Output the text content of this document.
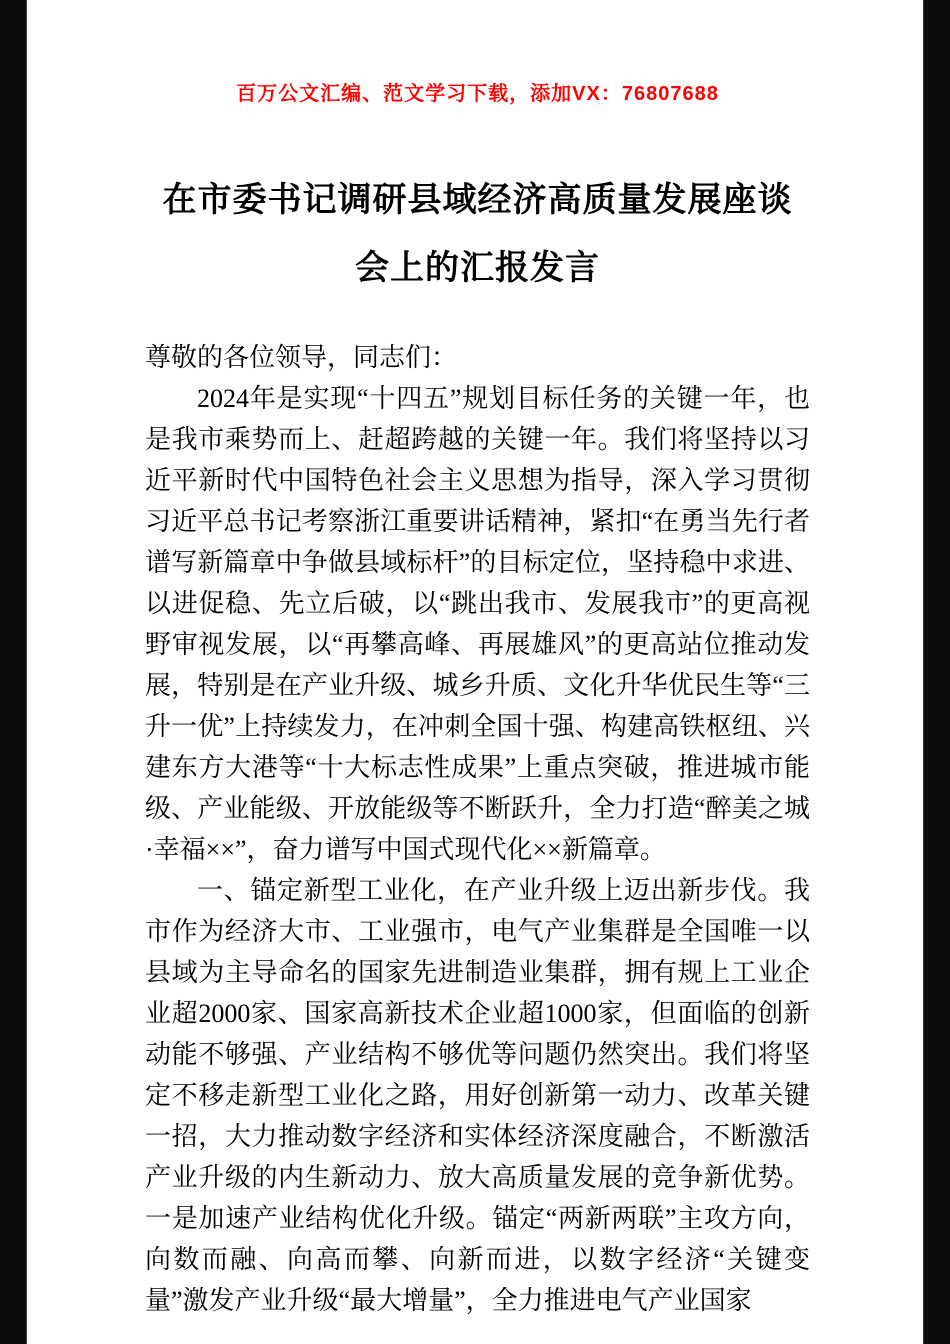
百万公文汇编、范文学习下载，添加VX：76807688
在市委书记调研县域经济高质量发展座谈
会上的汇报发言

尊敬的各位领导，同志们：

2024年是实现“十四五”规划目标任务的关键一年，也是我市乘势而上、赶超跨越的关键一年。我们将坚持以习近平新时代中国特色社会主义思想为指导，深入学习贯彻习近平总书记考察浙江重要讲话精神，紧扣“在勇当先行者谱写新篇章中争做县域标杆”的目标定位，坚持稳中求进、以进促稳、先立后破，以“跳出我市、发展我市”的更高视野审视发展，以“再攀高峰、再展雄风”的更高站位推动发展，特别是在产业升级、城乡升质、文化升华优民生等“三升一优”上持续发力，在冲刺全国十强、构建高铁枢纽、兴建东方大港等“十大标志性成果”上重点突破，推进城市能级、产业能级、开放能级等不断跃升，全力打造“醉美之城·幸福××”，奋力谱写中国式现代化××新篇章。

一、锚定新型工业化，在产业升级上迈出新步伐。我市作为经济大市、工业强市，电气产业集群是全国唯一以县域为主导命名的国家先进制造业集群，拥有规上工业企业超2000家、国家高新技术企业超1000家，但面临的创新动能不够强、产业结构不够优等问题仍然突出。我们将坚定不移走新型工业化之路，用好创新第一动力、改革关键一招，大力推动数字经济和实体经济深度融合，不断激活产业升级的内生新动力、放大高质量发展的竞争新优势。一是加速产业结构优化升级。锚定“两新两联”主攻方向，向数而融、向高而攀、向新而进，以数字经济“关键变量”激发产业升级“最大增量”，全力推进电气产业国家
